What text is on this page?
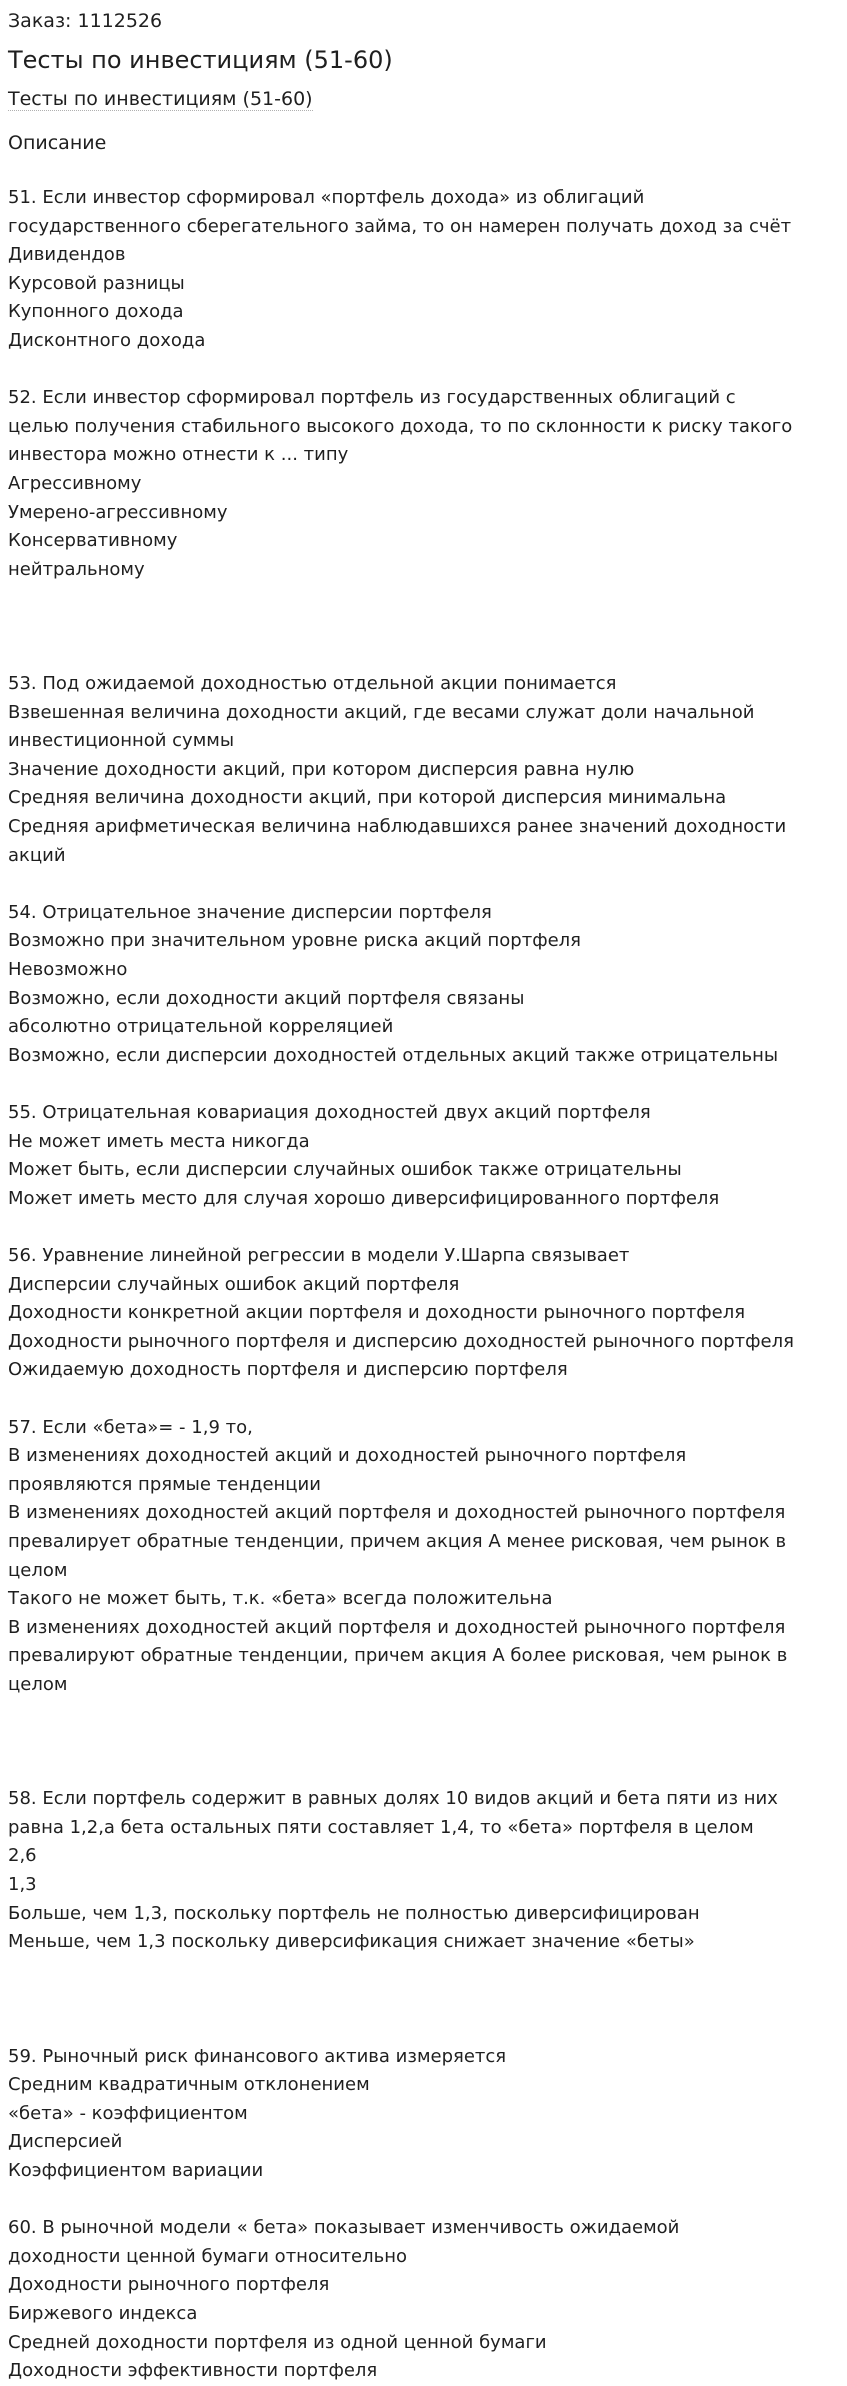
Заказ: 1112526

Тесты по инвестициям (51-60)

Тесты по инвестициям (51-60)

Описание

51. Если инвестор сформировал «портфель дохода» из облигаций
государственного сберегательного займа, то он намерен получать доход за счёт
Дивидендов
Курсовой разницы
Купонного дохода
Дисконтного дохода
52. Если инвестор сформировал портфель из государственных облигаций с
целью получения стабильного высокого дохода, то по склонности к риску такого
инвестора можно отнести к ... типу
Агрессивному
Умерено-агрессивному
Консервативному
нейтральному
53. Под ожидаемой доходностью отдельной акции понимается
Взвешенная величина доходности акций, где весами служат доли начальной
инвестиционной суммы
Значение доходности акций, при котором дисперсия равна нулю
Средняя величина доходности акций, при которой дисперсия минимальна
Средняя арифметическая величина наблюдавшихся ранее значений доходности
акций
54. Отрицательное значение дисперсии портфеля
Возможно при значительном уровне риска акций портфеля
Невозможно
Возможно, если доходности акций портфеля связаны
абсолютно отрицательной корреляцией
Возможно, если дисперсии доходностей отдельных акций также отрицательны
55. Отрицательная ковариация доходностей двух акций портфеля
Не может иметь места никогда
Может быть, если дисперсии случайных ошибок также отрицательны
Может иметь место для случая хорошо диверсифицированного портфеля
56. Уравнение линейной регрессии в модели У.Шарпа связывает
Дисперсии случайных ошибок акций портфеля
Доходности конкретной акции портфеля и доходности рыночного портфеля
Доходности рыночного портфеля и дисперсию доходностей рыночного портфеля
Ожидаемую доходность портфеля и дисперсию портфеля
57. Если «бета»= - 1,9 то,
В изменениях доходностей акций и доходностей рыночного портфеля
проявляются прямые тенденции
В изменениях доходностей акций портфеля и доходностей рыночного портфеля
превалирует обратные тенденции, причем акция А менее рисковая, чем рынок в
целом
Такого не может быть, т.к. «бета» всегда положительна
В изменениях доходностей акций портфеля и доходностей рыночного портфеля
превалируют обратные тенденции, причем акция А более рисковая, чем рынок в
целом
58. Если портфель содержит в равных долях 10 видов акций и бета пяти из них
равна 1,2,а бета остальных пяти составляет 1,4, то «бета» портфеля в целом
2,6
1,3
Больше, чем 1,3, поскольку портфель не полностью диверсифицирован
Меньше, чем 1,3 поскольку диверсификация снижает значение «беты»
59. Рыночный риск финансового актива измеряется
Средним квадратичным отклонением
«бета» - коэффициентом
Дисперсией
Коэффициентом вариации
60. В рыночной модели « бета» показывает изменчивость ожидаемой
доходности ценной бумаги относительно
Доходности рыночного портфеля
Биржевого индекса
Средней доходности портфеля из одной ценной бумаги
Доходности эффективности портфеля
